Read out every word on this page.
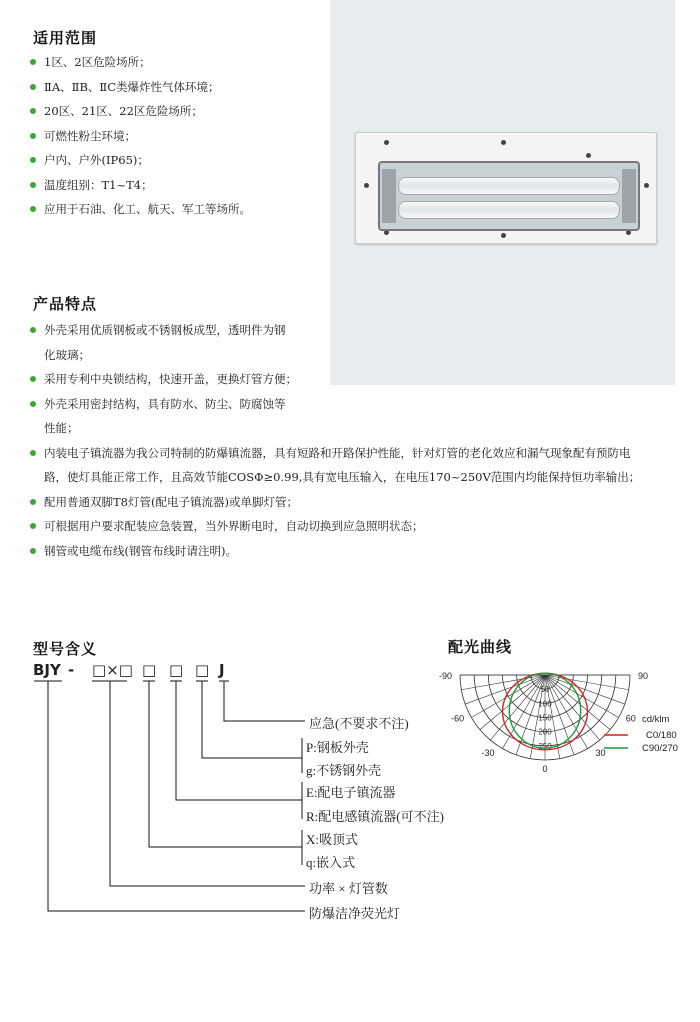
适用范围
1区、2区危险场所；
ⅡA、ⅡB、ⅡC类爆炸性气体环境；
20区、21区、22区危险场所；
可燃性粉尘环境；
户内、户外(IP65)；
温度组别：T1~T4；
应用于石油、化工、航天、军工等场所。
产品特点
外壳采用优质钢板或不锈钢板成型，透明件为钢
化玻璃；
采用专利中央锁结构，快速开盖，更换灯管方便；
外壳采用密封结构，具有防水、防尘、防腐蚀等
性能；
内装电子镇流器为我公司特制的防爆镇流器，具有短路和开路保护性能，针对灯管的老化效应和漏气现象配有预防电
路，使灯具能正常工作，且高效节能COSΦ≥0.99,具有宽电压输入，在电压170~250V范围内均能保持恒功率输出；
配用普通双脚T8灯管(配电子镇流器)或单脚灯管；
可根据用户要求配装应急装置，当外界断电时，自动切换到应急照明状态；
钢管或电缆布线(钢管布线时请注明)。
型号含义
BJY - □×□ □ □ □ J
应急(不要求不注)
P:钢板外壳
g:不锈钢外壳
E:配电子镇流器
R:配电感镇流器(可不注)
X:吸顶式
q:嵌入式
功率 × 灯管数
防爆洁净荧光灯
配光曲线
50
100
150
200
250
-90	90
-60	60
-30	30
0
cd/klm
C0/180
C90/270
